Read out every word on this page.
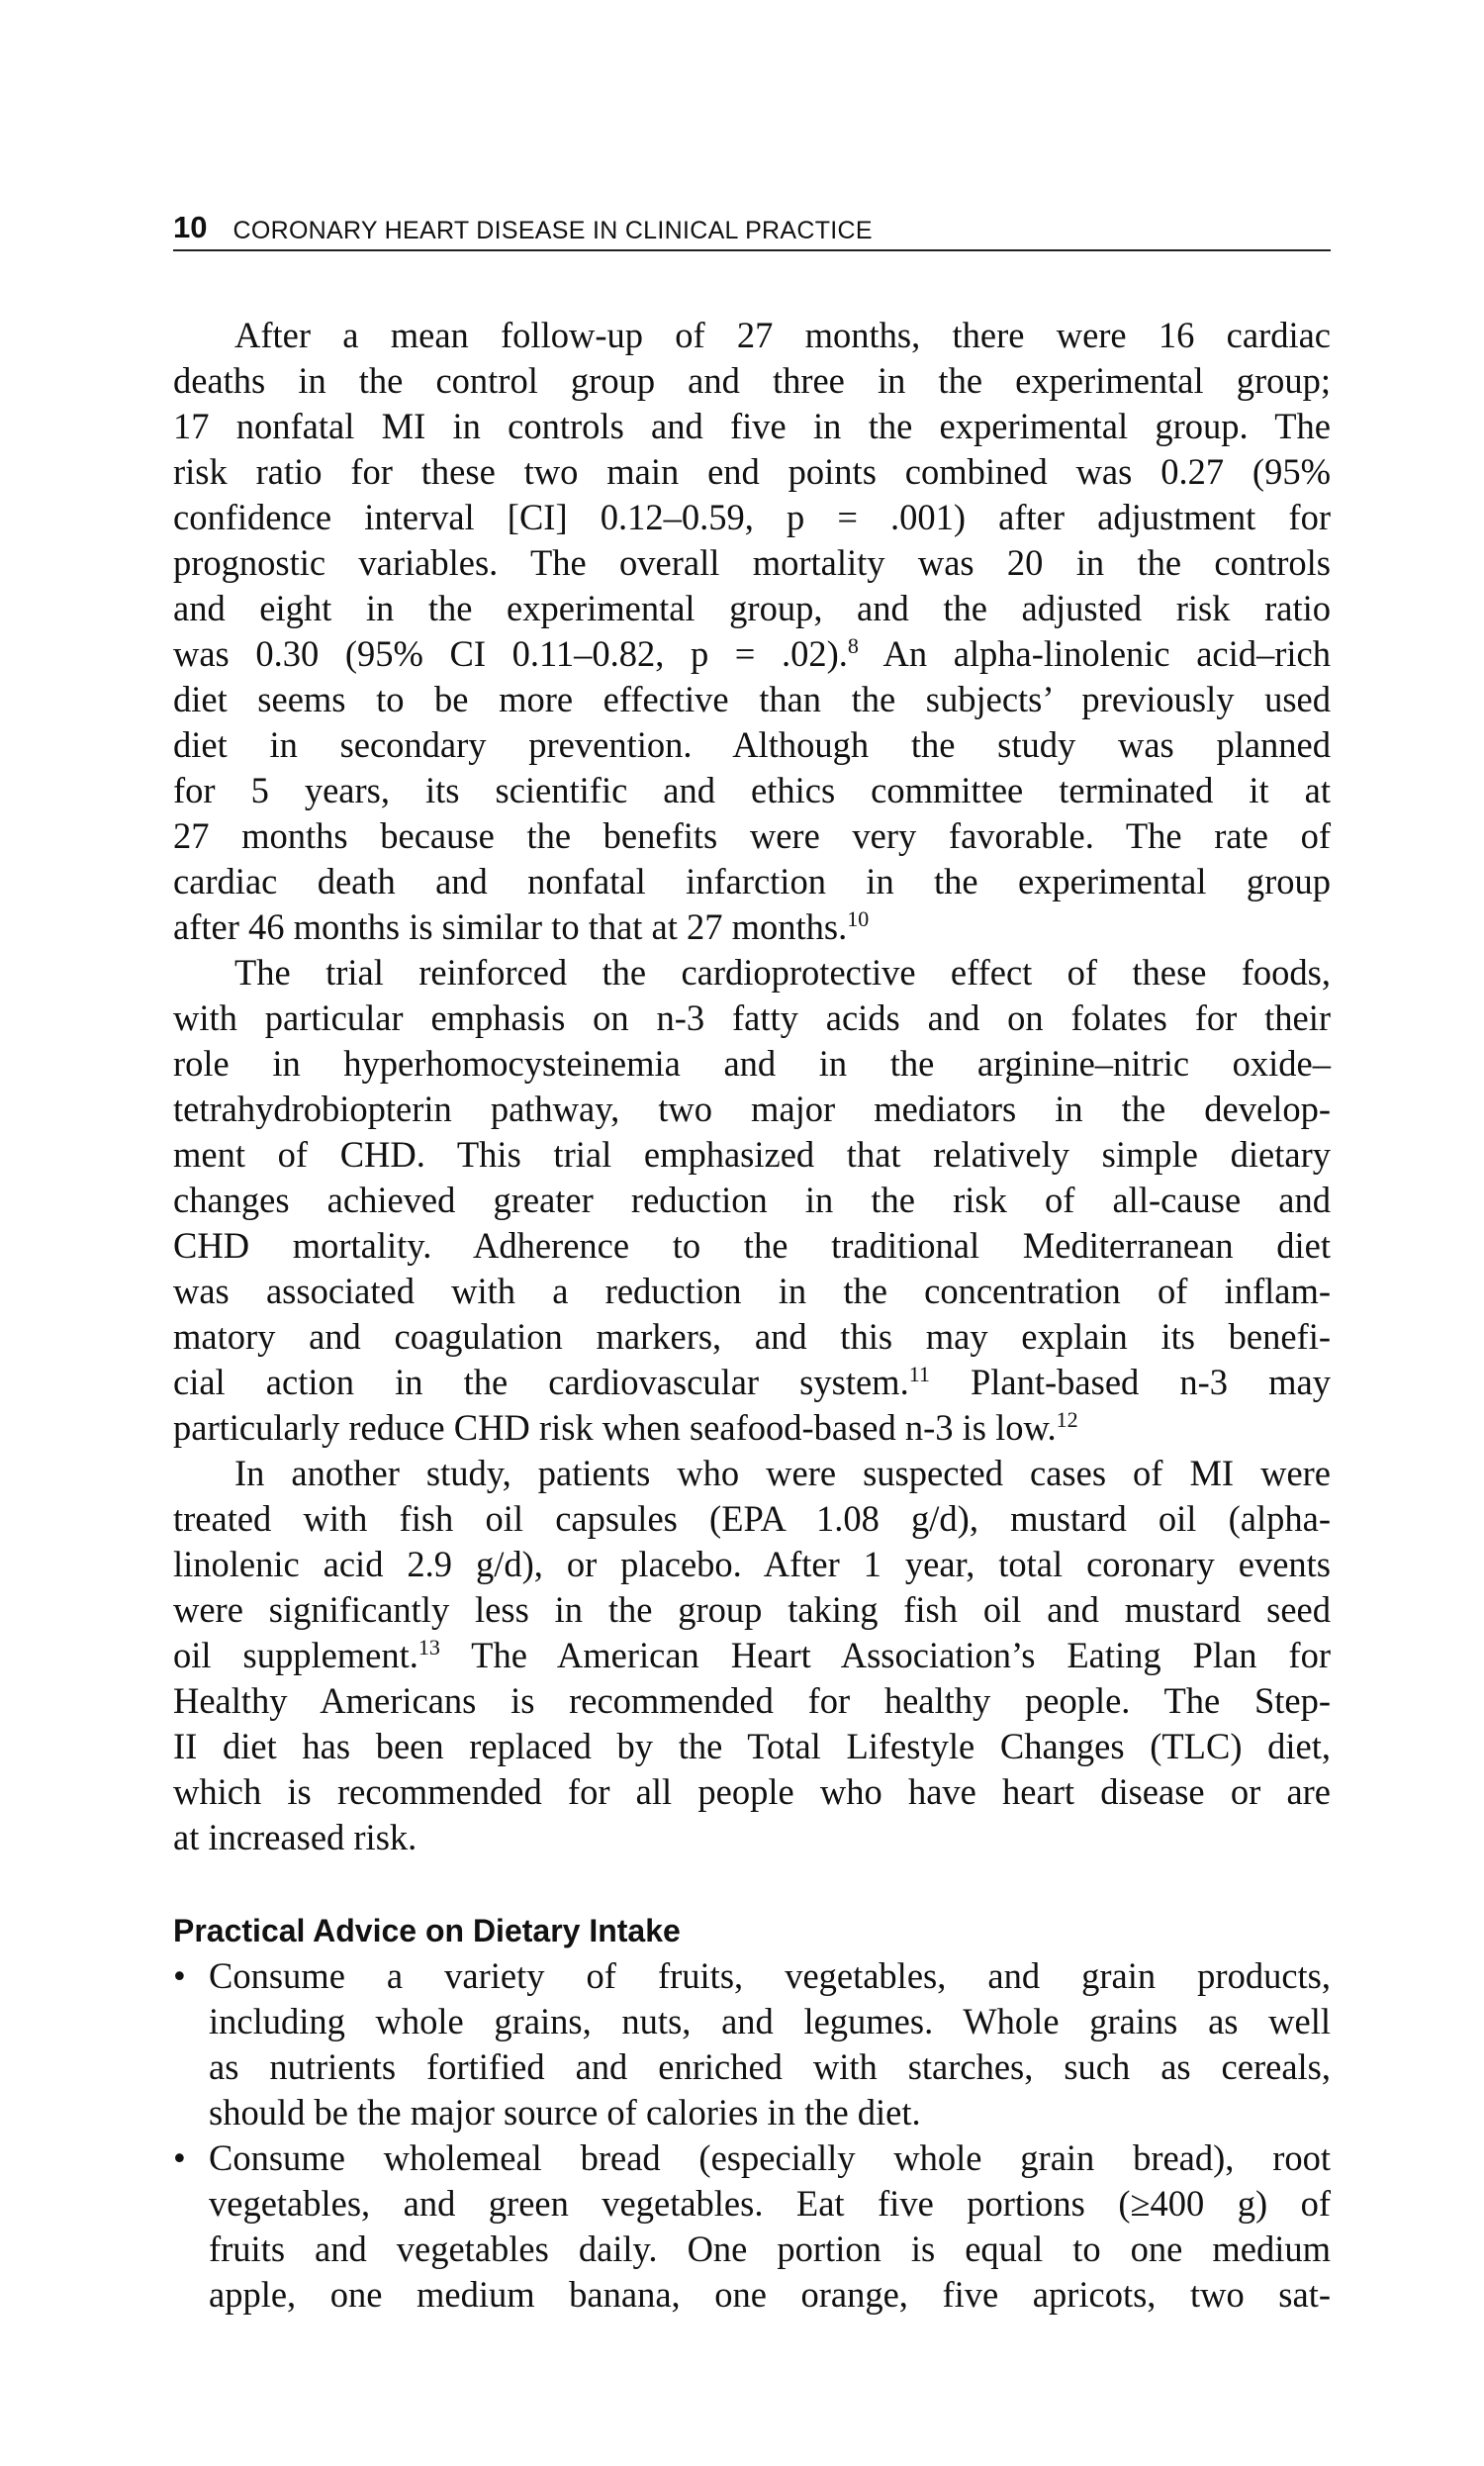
10 CORONARY HEART DISEASE IN CLINICAL PRACTICE

After a mean follow-up of 27 months, there were 16 cardiac
deaths in the control group and three in the experimental group;
17 nonfatal MI in controls and five in the experimental group. The
risk ratio for these two main end points combined was 0.27 (95%
confidence interval [CI] 0.12–0.59, p = .001) after adjustment for
prognostic variables. The overall mortality was 20 in the controls
and eight in the experimental group, and the adjusted risk ratio
was 0.30 (95% CI 0.11–0.82, p = .02).$^8$ An alpha-linolenic acid–rich
diet seems to be more effective than the subjects’ previously used
diet in secondary prevention. Although the study was planned
for 5 years, its scientific and ethics committee terminated it at
27 months because the benefits were very favorable. The rate of
cardiac death and nonfatal infarction in the experimental group
after 46 months is similar to that at 27 months.$^{10}$

The trial reinforced the cardioprotective effect of these foods,
with particular emphasis on n-3 fatty acids and on folates for their
role in hyperhomocysteinemia and in the arginine–nitric oxide–
tetrahydrobiopterin pathway, two major mediators in the develop-
ment of CHD. This trial emphasized that relatively simple dietary
changes achieved greater reduction in the risk of all-cause and
CHD mortality. Adherence to the traditional Mediterranean diet
was associated with a reduction in the concentration of inflam-
matory and coagulation markers, and this may explain its benefi-
cial action in the cardiovascular system.$^{11}$ Plant-based n-3 may
particularly reduce CHD risk when seafood-based n-3 is low.$^{12}$

In another study, patients who were suspected cases of MI were
treated with fish oil capsules (EPA 1.08 g/d), mustard oil (alpha-
linolenic acid 2.9 g/d), or placebo. After 1 year, total coronary events
were significantly less in the group taking fish oil and mustard seed
oil supplement.$^{13}$ The American Heart Association’s Eating Plan for
Healthy Americans is recommended for healthy people. The Step-
II diet has been replaced by the Total Lifestyle Changes (TLC) diet,
which is recommended for all people who have heart disease or are
at increased risk.

Practical Advice on Dietary Intake
• Consume a variety of fruits, vegetables, and grain products,
including whole grains, nuts, and legumes. Whole grains as well
as nutrients fortified and enriched with starches, such as cereals,
should be the major source of calories in the diet.
• Consume wholemeal bread (especially whole grain bread), root
vegetables, and green vegetables. Eat five portions (≥400 g) of
fruits and vegetables daily. One portion is equal to one medium
apple, one medium banana, one orange, five apricots, two sat-
